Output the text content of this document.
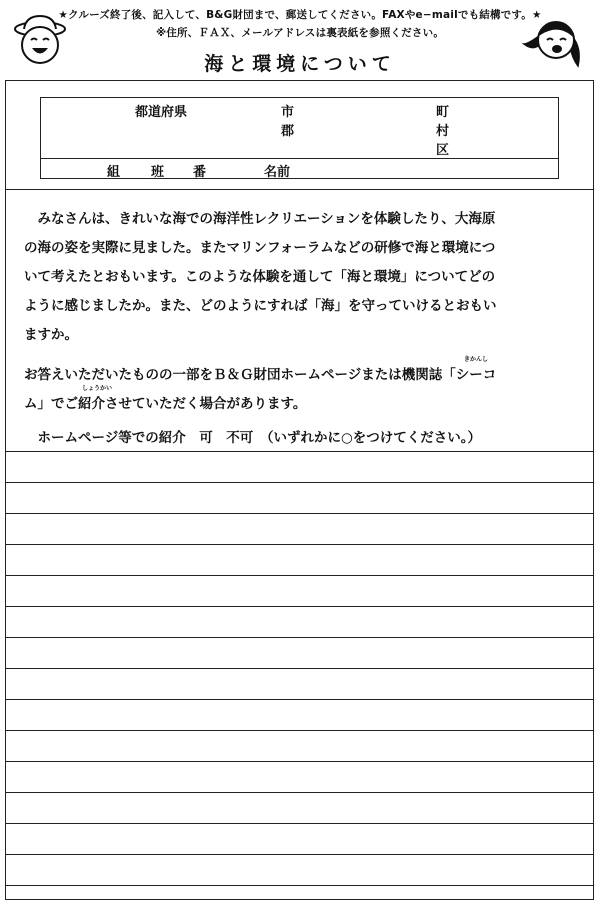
★クルーズ終了後、記入して、B&G財団まで、郵送してください。FAXやe−mailでも結構です。★
※住所、ＦＡＸ、メールアドレスは裏表紙を参照ください。
海と環境について
都道府県	市
郡
町
村
区
組 班 番	名前
　みなさんは、きれいな海での海洋性レクリエーションを体験したり、大海原
の海の姿を実際に見ました。またマリンフォーラムなどの研修で海と環境につ
いて考えたとおもいます。このような体験を通して「海と環境」についてどの
ように感じましたか。また、どのようにすれば「海」を守っていけるとおもい
ますか。
きかんし
お答えいただいたものの一部をＢ＆Ｇ財団ホームページまたは機関誌「シーコ
しょうかい
ム」でご紹介させていただく場合があります。
　ホームページ等での紹介　可　不可　（いずれかに○をつけてください。）
